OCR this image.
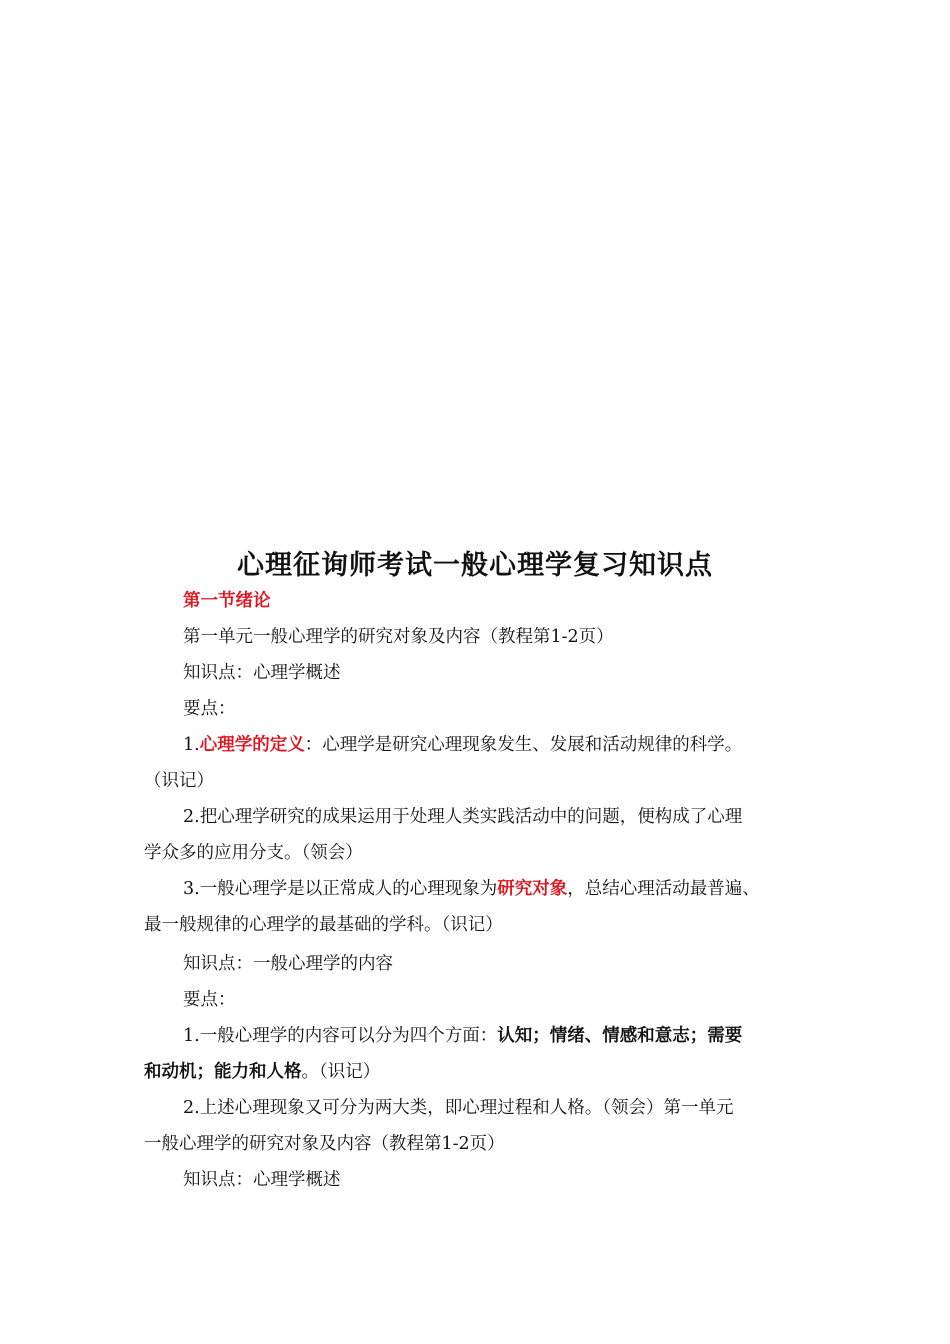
心理征询师考试一般心理学复习知识点
第一节绪论
第一单元一般心理学的研究对象及内容（教程第1-2页）
知识点：心理学概述
要点：
1.心理学的定义：心理学是研究心理现象发生、发展和活动规律的科学。
（识记）
2.把心理学研究的成果运用于处理人类实践活动中的问题，便构成了心理
学众多的应用分支。（领会）
3.一般心理学是以正常成人的心理现象为研究对象，总结心理活动最普遍、
最一般规律的心理学的最基础的学科。（识记）
知识点：一般心理学的内容
要点：
1.一般心理学的内容可以分为四个方面：认知；情绪、情感和意志；需要
和动机；能力和人格。（识记）
2.上述心理现象又可分为两大类，即心理过程和人格。（领会）第一单元
一般心理学的研究对象及内容（教程第1-2页）
知识点：心理学概述
